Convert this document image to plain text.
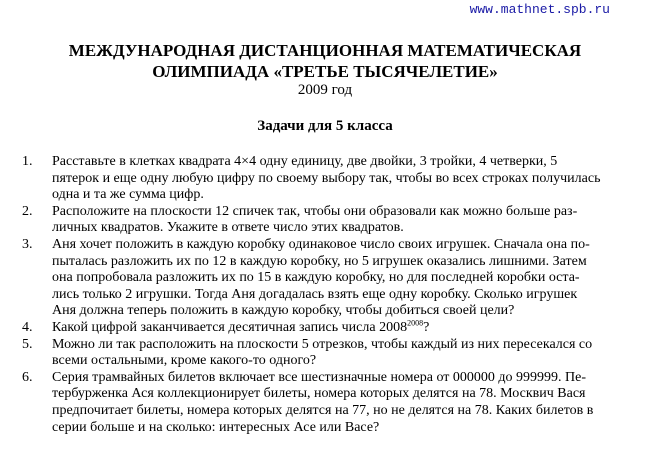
www.mathnet.spb.ru
МЕЖДУНАРОДНАЯ ДИСТАНЦИОННАЯ МАТЕМАТИЧЕСКАЯ
ОЛИМПИАДА «ТРЕТЬЕ ТЫСЯЧЕЛЕТИЕ»
2009 год
Задачи для 5 класса
1. Расставьте в клетках квадрата 4×4 одну единицу, две двойки, 3 тройки, 4 четверки, 5
пятерок и еще одну любую цифру по своему выбору так, чтобы во всех строках получилась
одна и та же сумма цифр.
2. Расположите на плоскости 12 спичек так, чтобы они образовали как можно больше раз-
личных квадратов. Укажите в ответе число этих квадратов.
3. Аня хочет положить в каждую коробку одинаковое число своих игрушек. Сначала она по-
пыталась разложить их по 12 в каждую коробку, но 5 игрушек оказались лишними. Затем
она попробовала разложить их по 15 в каждую коробку, но для последней коробки оста-
лись только 2 игрушки. Тогда Аня догадалась взять еще одну коробку. Сколько игрушек
Аня должна теперь положить в каждую коробку, чтобы добиться своей цели?
4. Какой цифрой заканчивается десятичная запись числа $2008^{2008}$?
5. Можно ли так расположить на плоскости 5 отрезков, чтобы каждый из них пересекался со
всеми остальными, кроме какого-то одного?
6. Серия трамвайных билетов включает все шестизначные номера от 000000 до 999999. Пе-
тербурженка Ася коллекционирует билеты, номера которых делятся на 78. Москвич Вася
предпочитает билеты, номера которых делятся на 77, но не делятся на 78. Каких билетов в
серии больше и на сколько: интересных Асе или Васе?
